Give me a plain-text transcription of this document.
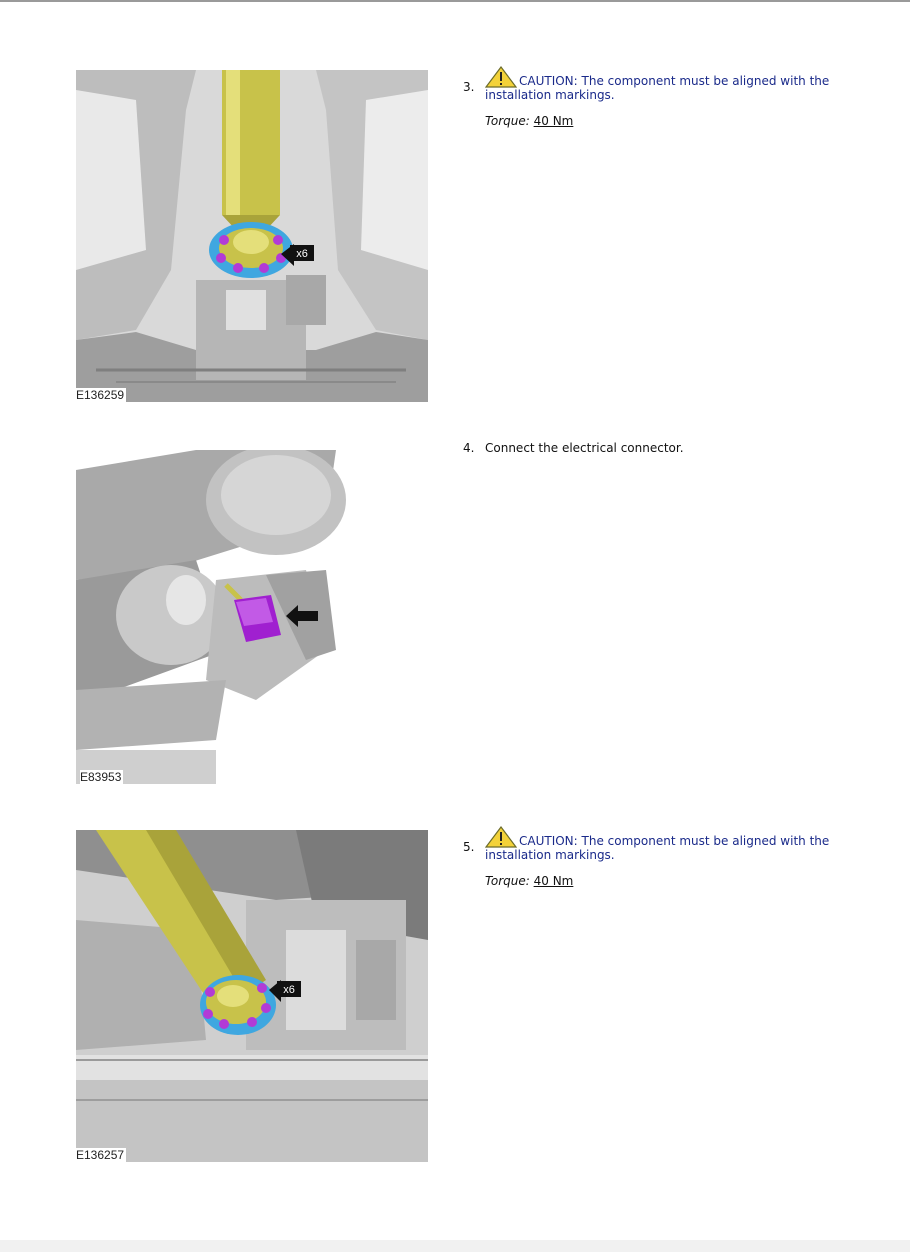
x6
E136259
3.	CAUTION: The component must be aligned with the installation markings.
Torque: 40 Nm
E83953
4. Connect the electrical connector.
x6
E136257
5.	CAUTION: The component must be aligned with the installation markings.
Torque: 40 Nm
